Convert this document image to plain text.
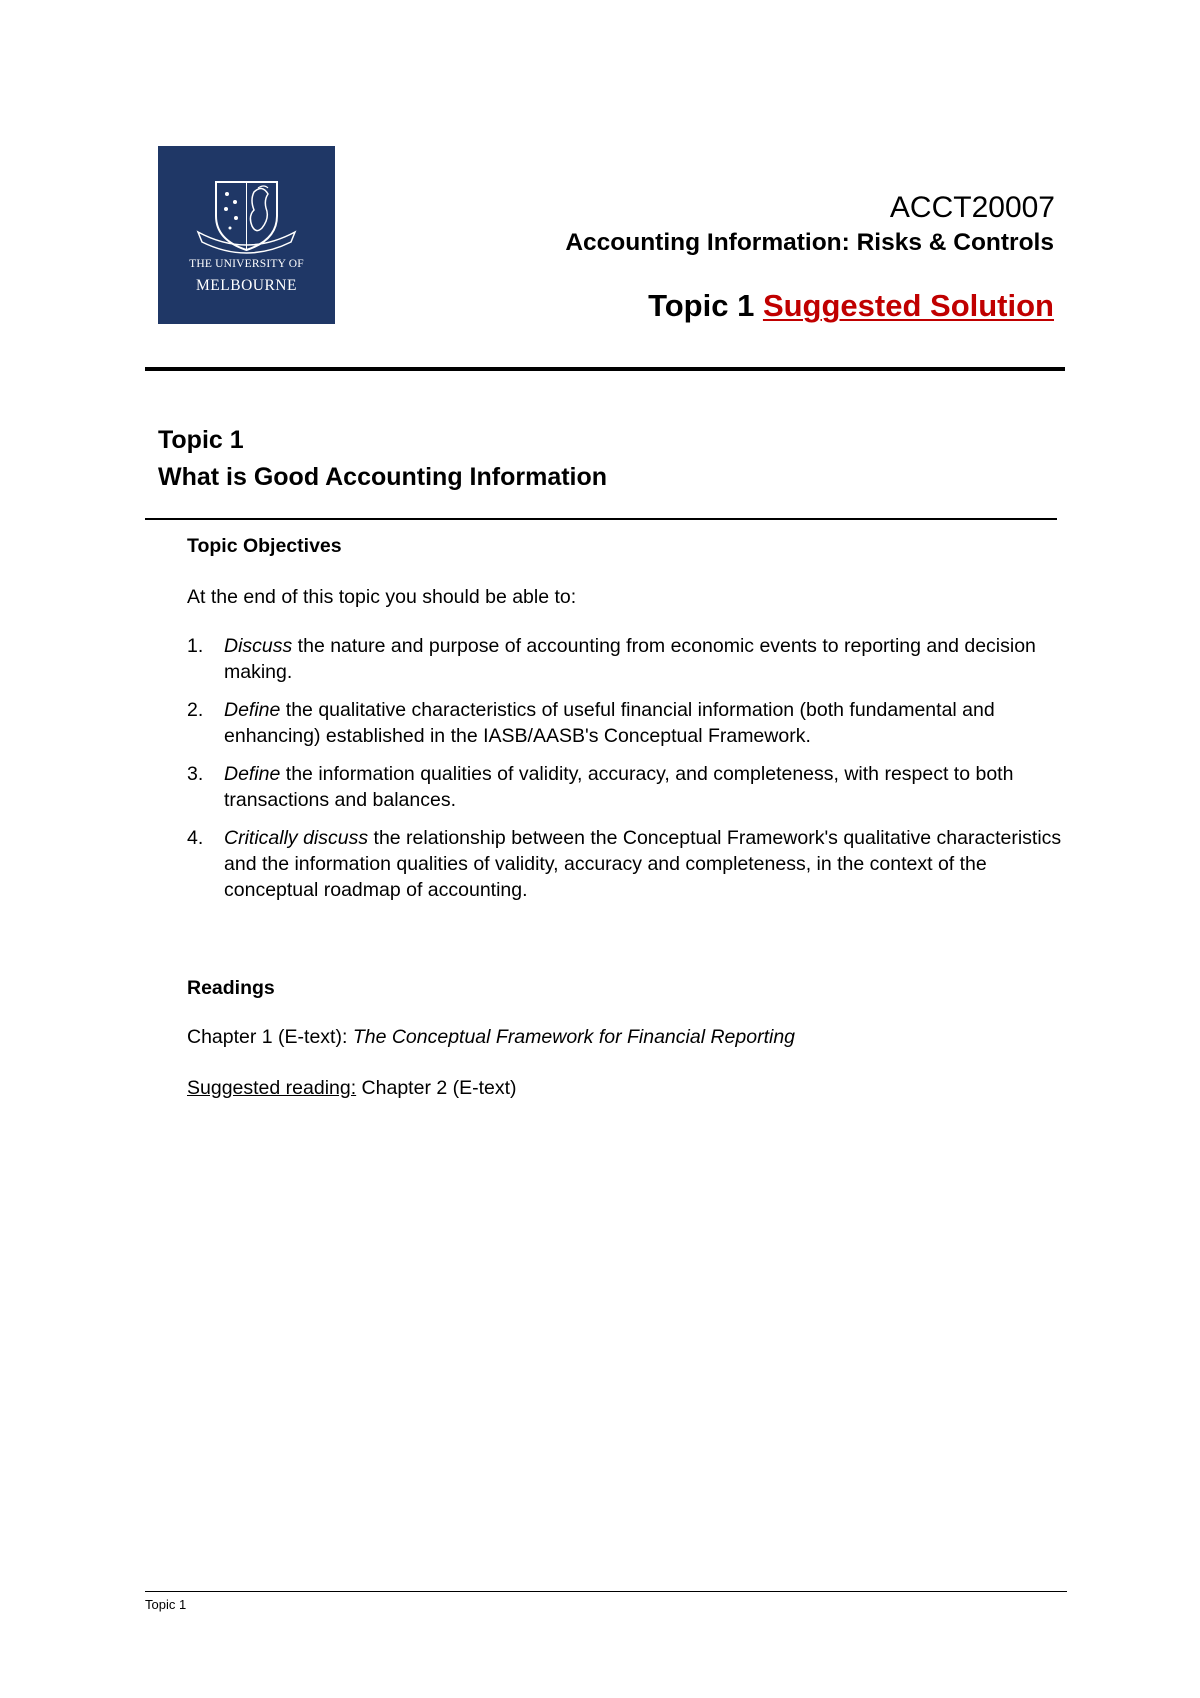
THE UNIVERSITY OF
MELBOURNE
ACCT20007
Accounting Information: Risks & Controls
Topic 1 Suggested Solution
Topic 1
What is Good Accounting Information
Topic Objectives
At the end of this topic you should be able to:
1. Discuss the nature and purpose of accounting from economic events to reporting and decision making.
2. Define the qualitative characteristics of useful financial information (both fundamental and enhancing) established in the IASB/AASB's Conceptual Framework.
3. Define the information qualities of validity, accuracy, and completeness, with respect to both transactions and balances.
4. Critically discuss the relationship between the Conceptual Framework's qualitative characteristics and the information qualities of validity, accuracy and completeness, in the context of the conceptual roadmap of accounting.
Readings
Chapter 1 (E-text): The Conceptual Framework for Financial Reporting
Suggested reading: Chapter 2 (E-text)
Topic 1
